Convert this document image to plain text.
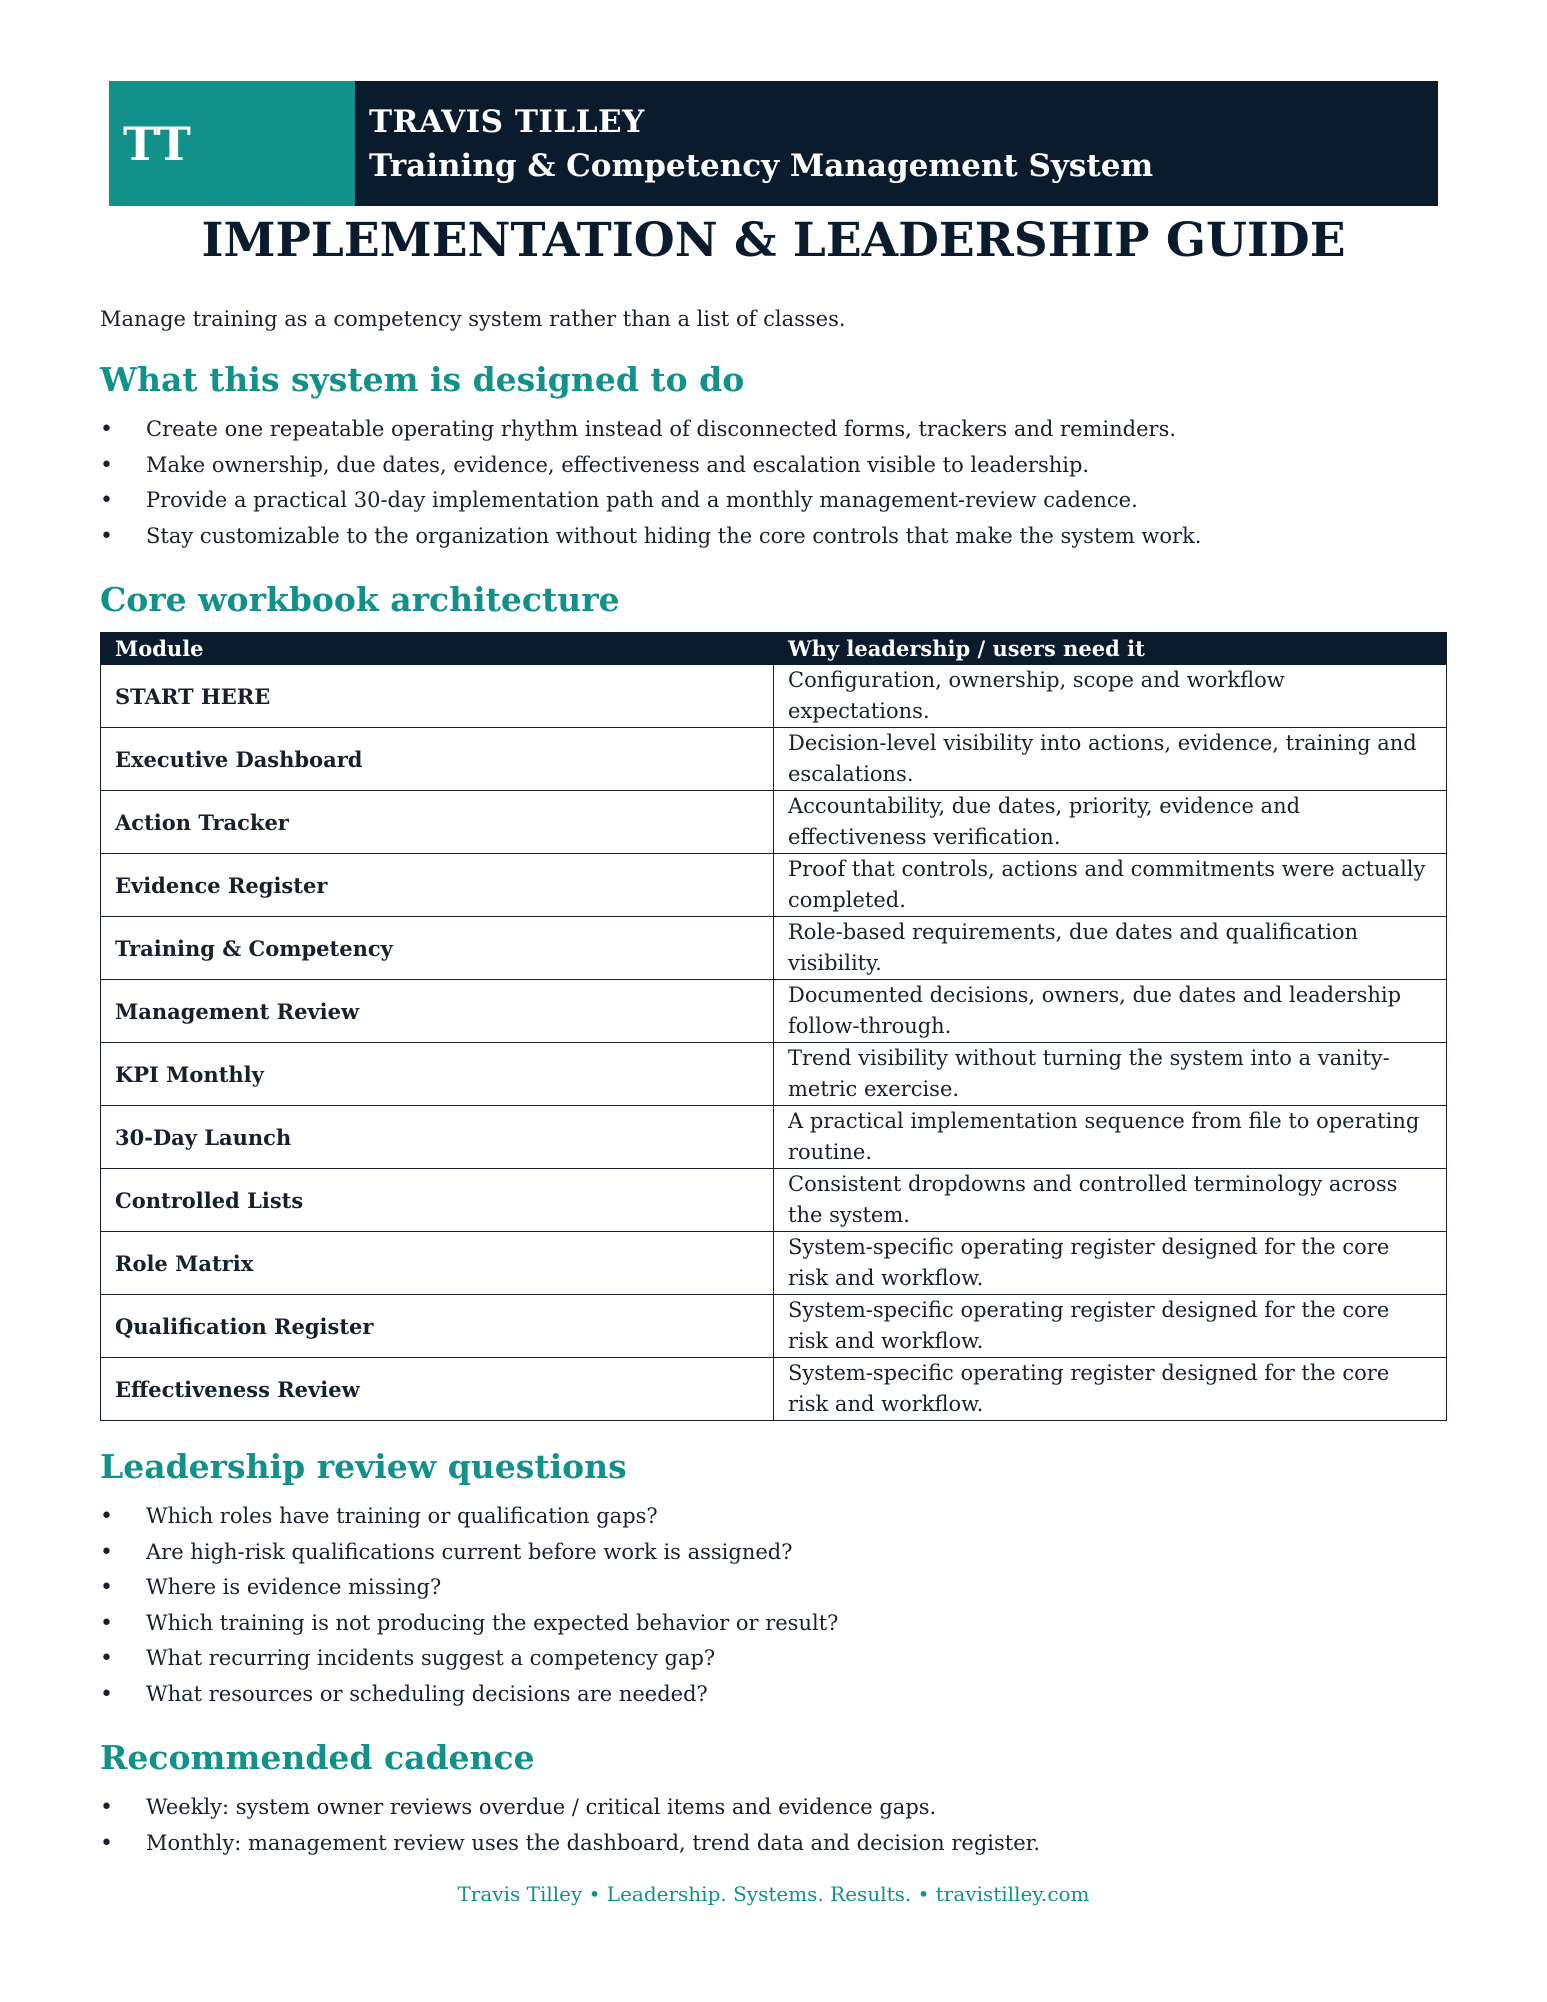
TT	TRAVIS TILLEY
Training & Competency Management System
IMPLEMENTATION & LEADERSHIP GUIDE

Manage training as a competency system rather than a list of classes.

What this system is designed to do
• Create one repeatable operating rhythm instead of disconnected forms, trackers and reminders.
• Make ownership, due dates, evidence, effectiveness and escalation visible to leadership.
• Provide a practical 30-day implementation path and a monthly management-review cadence.
• Stay customizable to the organization without hiding the core controls that make the system work.
Core workbook architecture
Module	Why leadership / users need it
START HERE	Configuration, ownership, scope and workflow expectations.
Executive Dashboard	Decision-level visibility into actions, evidence, training and escalations.
Action Tracker	Accountability, due dates, priority, evidence and effectiveness verification.
Evidence Register	Proof that controls, actions and commitments were actually completed.
Training & Competency	Role-based requirements, due dates and qualification visibility.
Management Review	Documented decisions, owners, due dates and leadership follow-through.
KPI Monthly	Trend visibility without turning the system into a vanity-metric exercise.
30-Day Launch	A practical implementation sequence from file to operating routine.
Controlled Lists	Consistent dropdowns and controlled terminology across the system.
Role Matrix	System-specific operating register designed for the core risk and workflow.
Qualification Register	System-specific operating register designed for the core risk and workflow.
Effectiveness Review	System-specific operating register designed for the core risk and workflow.
Leadership review questions
• Which roles have training or qualification gaps?
• Are high-risk qualifications current before work is assigned?
• Where is evidence missing?
• Which training is not producing the expected behavior or result?
• What recurring incidents suggest a competency gap?
• What resources or scheduling decisions are needed?
Recommended cadence
• Weekly: system owner reviews overdue / critical items and evidence gaps.
• Monthly: management review uses the dashboard, trend data and decision register.
Travis Tilley • Leadership. Systems. Results. • travistilley.com
